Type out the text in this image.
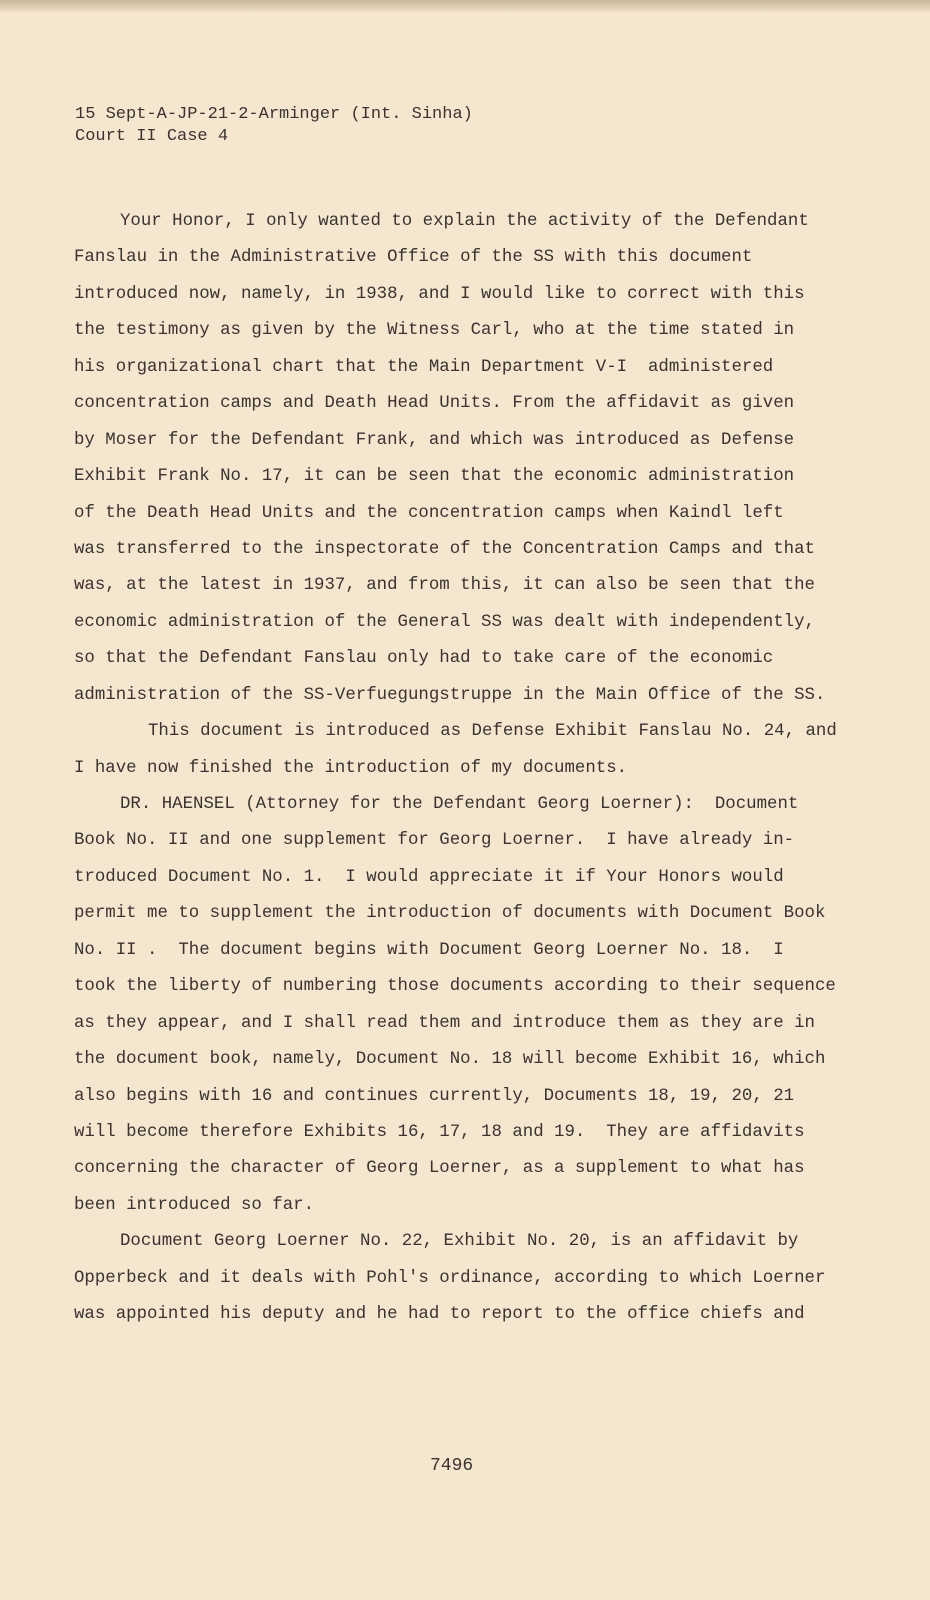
15 Sept-A-JP-21-2-Arminger (Int. Sinha)
Court II Case 4
Your Honor, I only wanted to explain the activity of the Defendant
Fanslau in the Administrative Office of the SS with this document
introduced now, namely, in 1938, and I would like to correct with this
the testimony as given by the Witness Carl, who at the time stated in
his organizational chart that the Main Department V-I  administered
concentration camps and Death Head Units. From the affidavit as given
by Moser for the Defendant Frank, and which was introduced as Defense
Exhibit Frank No. 17, it can be seen that the economic administration
of the Death Head Units and the concentration camps when Kaindl left
was transferred to the inspectorate of the Concentration Camps and that
was, at the latest in 1937, and from this, it can also be seen that the
economic administration of the General SS was dealt with independently,
so that the Defendant Fanslau only had to take care of the economic
administration of the SS-Verfuegungstruppe in the Main Office of the SS.
This document is introduced as Defense Exhibit Fanslau No. 24, and
I have now finished the introduction of my documents.
DR. HAENSEL (Attorney for the Defendant Georg Loerner):  Document
Book No. II and one supplement for Georg Loerner.  I have already in-
troduced Document No. 1.  I would appreciate it if Your Honors would
permit me to supplement the introduction of documents with Document Book
No. II .  The document begins with Document Georg Loerner No. 18.  I
took the liberty of numbering those documents according to their sequence
as they appear, and I shall read them and introduce them as they are in
the document book, namely, Document No. 18 will become Exhibit 16, which
also begins with 16 and continues currently, Documents 18, 19, 20, 21
will become therefore Exhibits 16, 17, 18 and 19.  They are affidavits
concerning the character of Georg Loerner, as a supplement to what has
been introduced so far.
Document Georg Loerner No. 22, Exhibit No. 20, is an affidavit by
Opperbeck and it deals with Pohl's ordinance, according to which Loerner
was appointed his deputy and he had to report to the office chiefs and
7496
